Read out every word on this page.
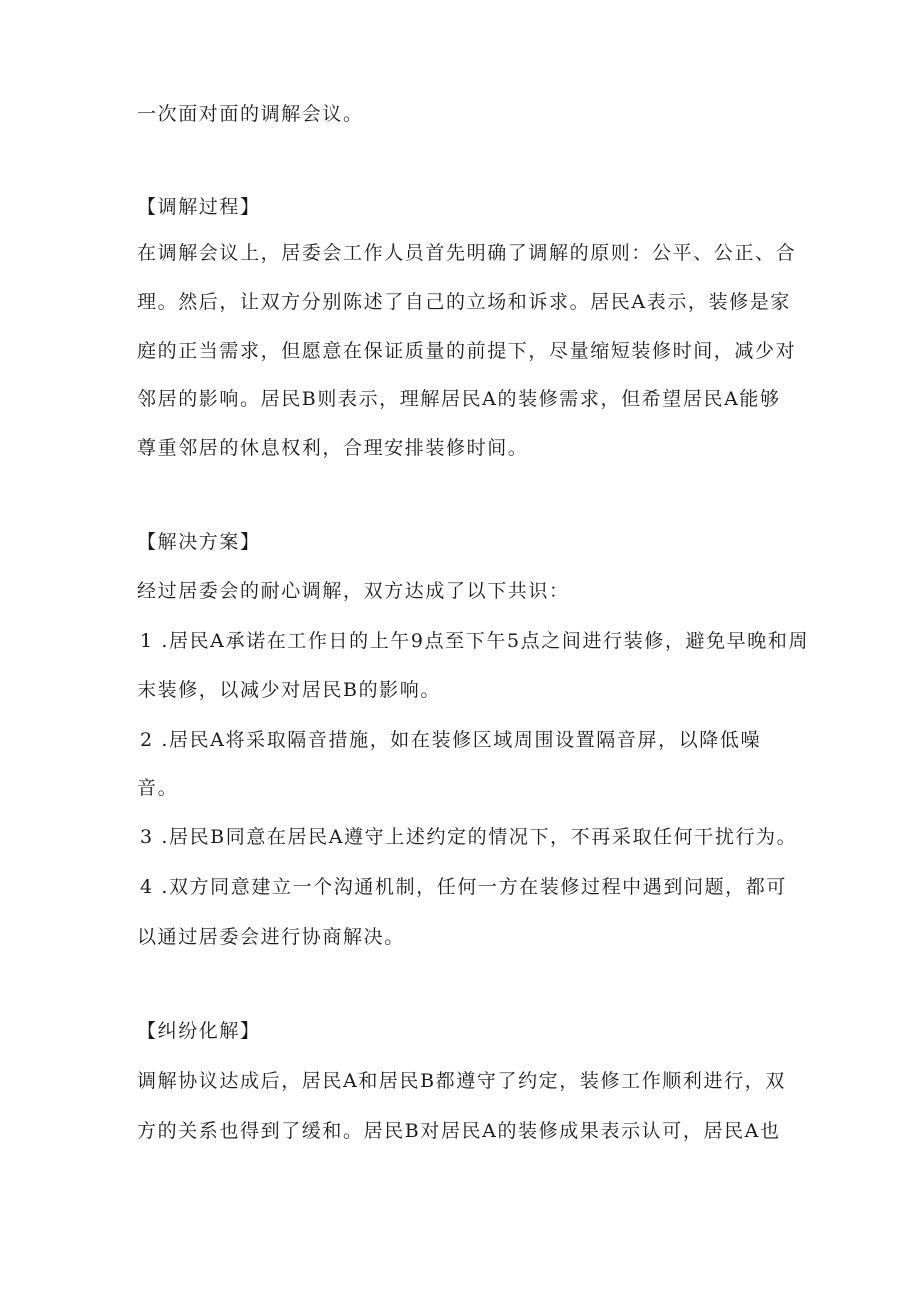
一次面对面的调解会议。
【调解过程】
在调解会议上，居委会工作人员首先明确了调解的原则：公平、公正、合
理。然后，让双方分别陈述了自己的立场和诉求。居民A表示，装修是家
庭的正当需求，但愿意在保证质量的前提下，尽量缩短装修时间，减少对
邻居的影响。居民B则表示，理解居民A的装修需求，但希望居民A能够
尊重邻居的休息权利，合理安排装修时间。
【解决方案】
经过居委会的耐心调解，双方达成了以下共识：
1 .居民A承诺在工作日的上午9点至下午5点之间进行装修，避免早晚和周
末装修，以减少对居民B的影响。
2 .居民A将采取隔音措施，如在装修区域周围设置隔音屏，以降低噪
音。
3 .居民B同意在居民A遵守上述约定的情况下，不再采取任何干扰行为。
4 .双方同意建立一个沟通机制，任何一方在装修过程中遇到问题，都可
以通过居委会进行协商解决。
【纠纷化解】
调解协议达成后，居民A和居民B都遵守了约定，装修工作顺利进行，双
方的关系也得到了缓和。居民B对居民A的装修成果表示认可，居民A也
